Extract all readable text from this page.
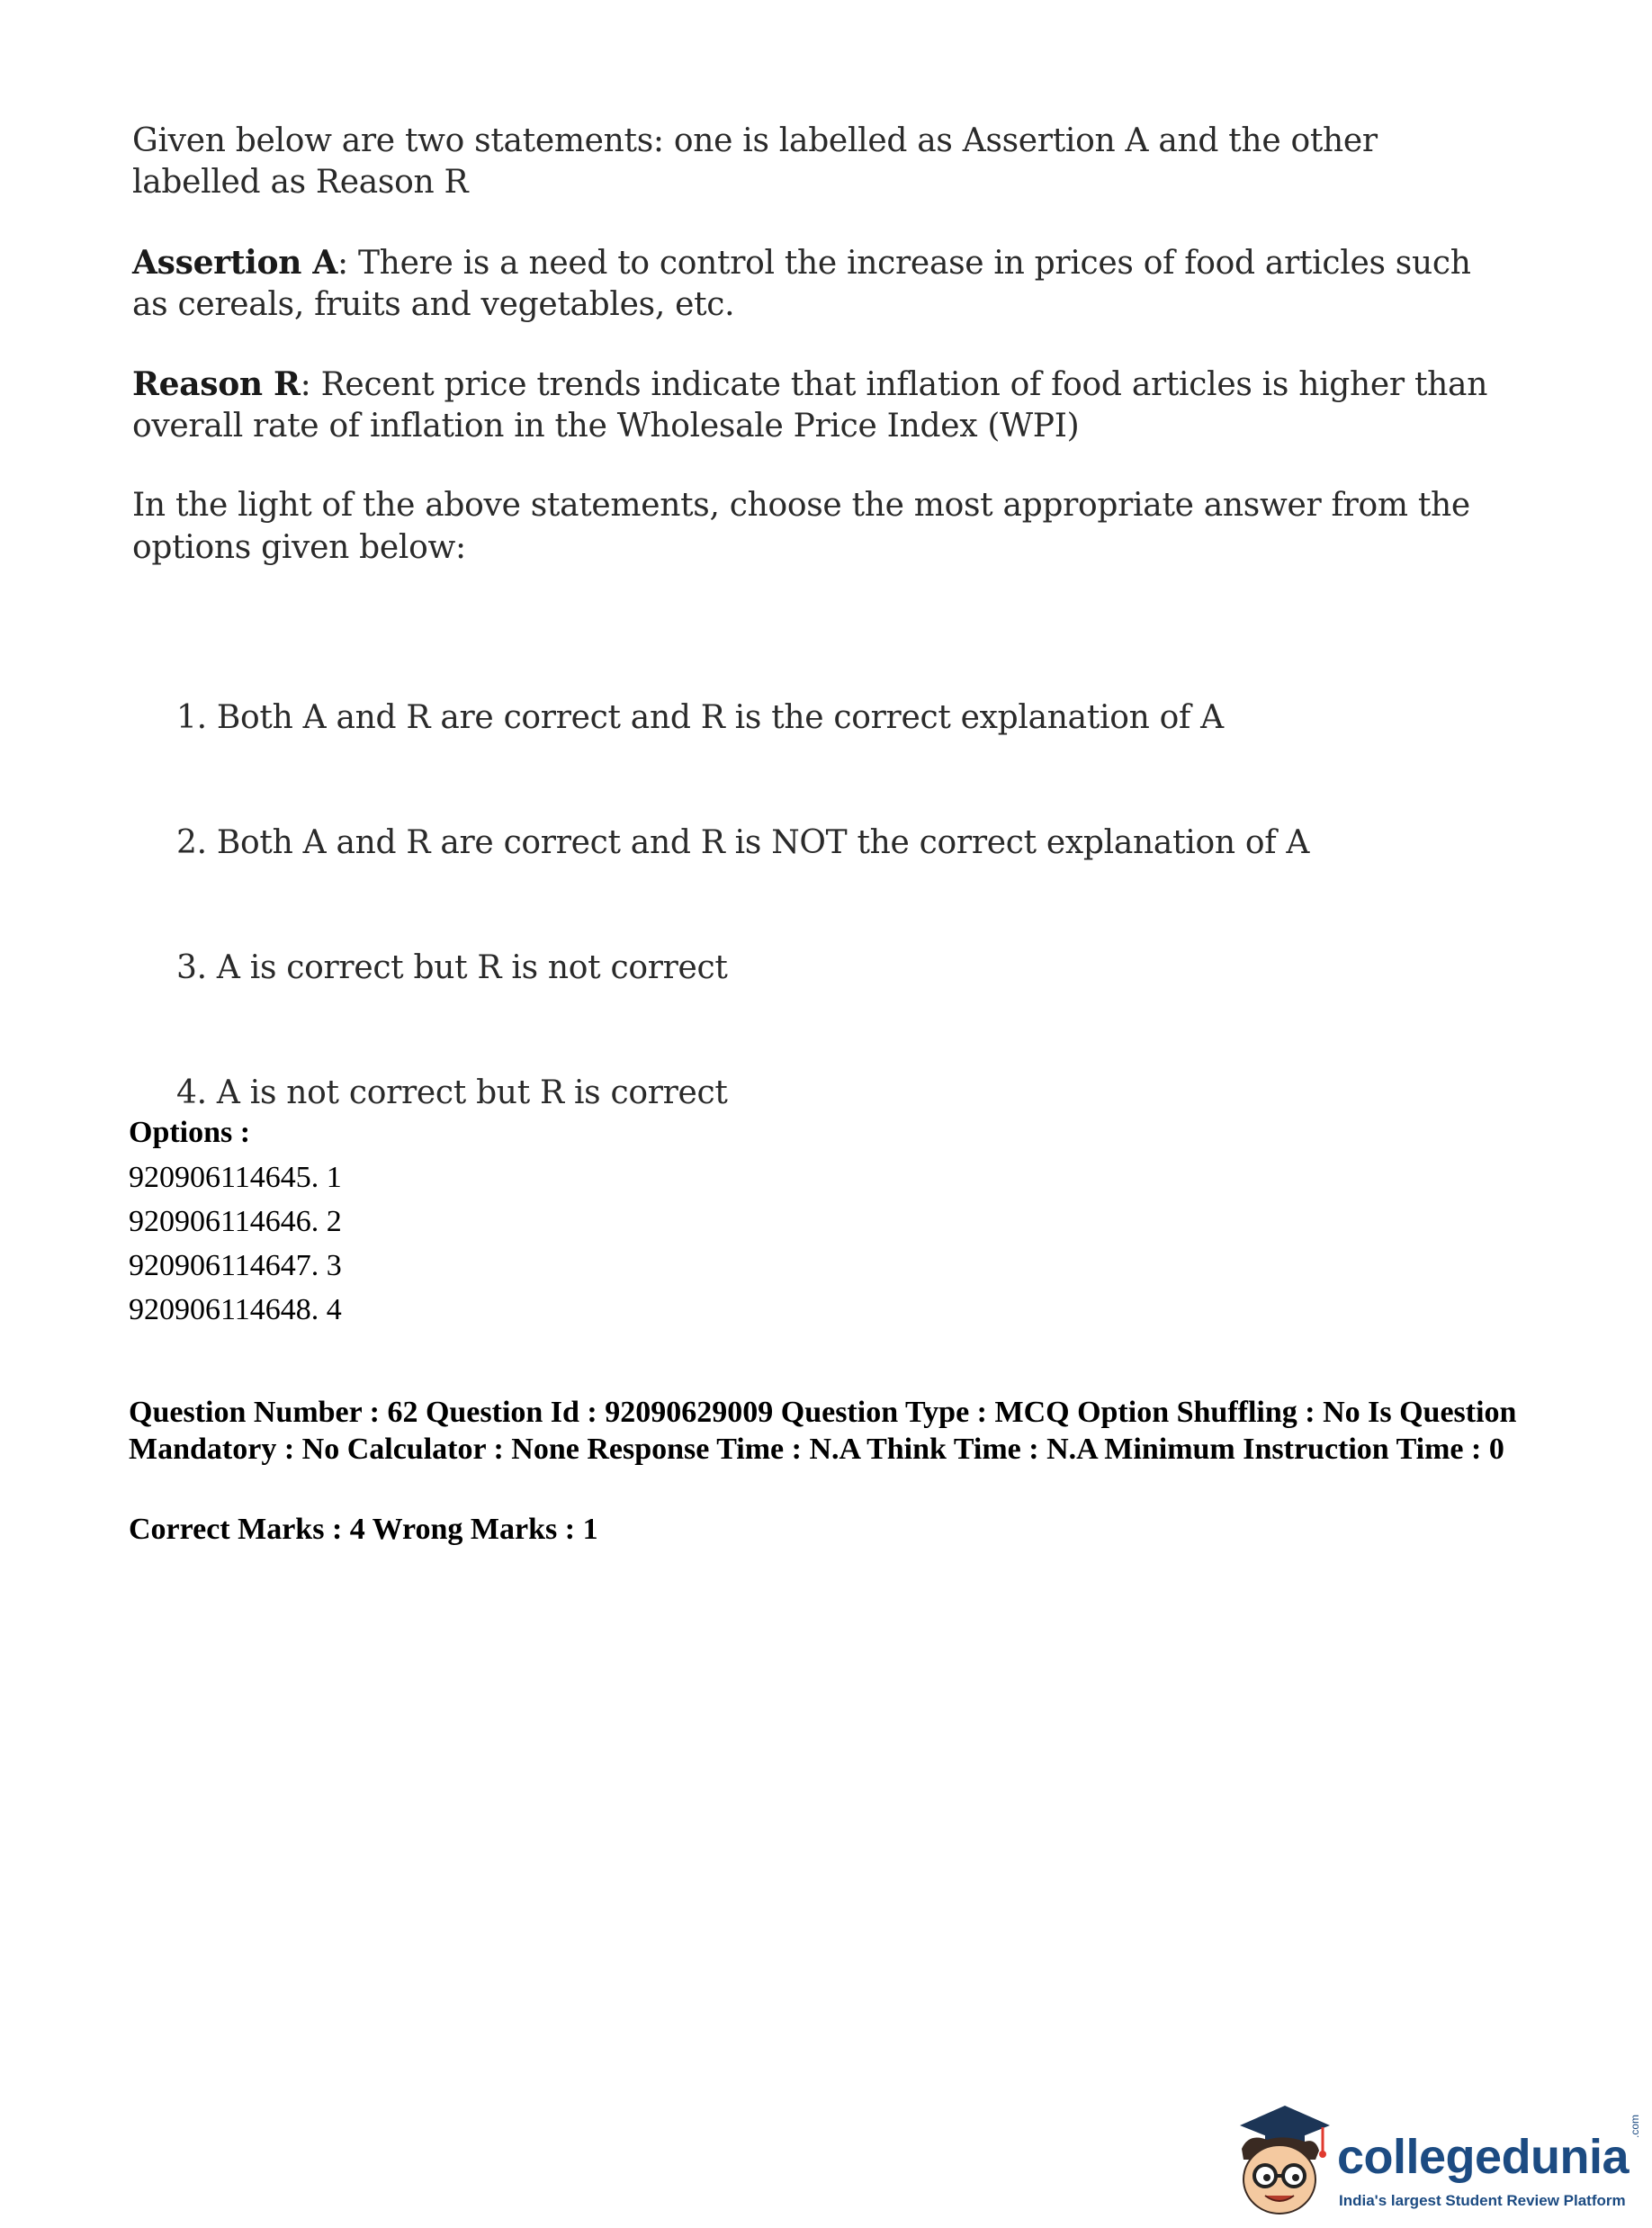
Given below are two statements: one is labelled as Assertion A and the other
labelled as Reason R
Assertion A: There is a need to control the increase in prices of food articles such
as cereals, fruits and vegetables, etc.
Reason R: Recent price trends indicate that inflation of food articles is higher than
overall rate of inflation in the Wholesale Price Index (WPI)
In the light of the above statements, choose the most appropriate answer from the
options given below:
1. Both A and R are correct and R is the correct explanation of A
2. Both A and R are correct and R is NOT the correct explanation of A
3. A is correct but R is not correct
4. A is not correct but R is correct
Options :
920906114645. 1
920906114646. 2
920906114647. 3
920906114648. 4
Question Number : 62 Question Id : 92090629009 Question Type : MCQ Option Shuffling : No Is Question Mandatory : No Calculator : None Response Time : N.A Think Time : N.A Minimum Instruction Time : 0
Correct Marks : 4 Wrong Marks : 1
collegedunia
.com
India's largest Student Review Platform
